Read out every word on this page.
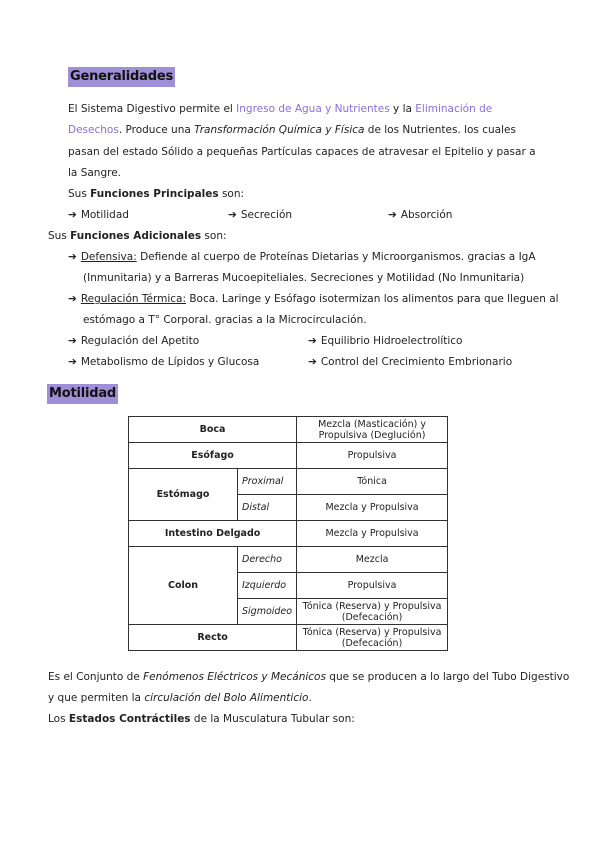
Generalidades
El Sistema Digestivo permite el Ingreso de Agua y Nutrientes y la Eliminación de
Desechos. Produce una Transformación Química y Física de los Nutrientes. los cuales
pasan del estado Sólido a pequeñas Partículas capaces de atravesar el Epitelio y pasar a
la Sangre.
Sus Funciones Principales son:
➔ Motilidad	➔ Secreción	➔ Absorción
Sus Funciones Adicionales son:
➔ Defensiva: Defiende al cuerpo de Proteínas Dietarias y Microorganismos. gracias a IgA
(Inmunitaria) y a Barreras Mucoepiteliales. Secreciones y Motilidad (No Inmunitaria)
➔ Regulación Térmica: Boca. Laringe y Esófago isotermizan los alimentos para que lleguen al
estómago a T° Corporal. gracias a la Microcirculación.
➔ Regulación del Apetito	➔ Equilibrio Hidroelectrolítico
➔ Metabolismo de Lípidos y Glucosa	➔ Control del Crecimiento Embrionario
Motilidad
Boca		Mezcla (Masticación) y Propulsiva (Deglución)
Esófago		Propulsiva
Estómago	Proximal	Tónica
	Distal	Mezcla y Propulsiva
Intestino Delgado		Mezcla y Propulsiva
Colon	Derecho	Mezcla
	Izquierdo	Propulsiva
	Sigmoideo	Tónica (Reserva) y Propulsiva (Defecación)
Recto		Tónica (Reserva) y Propulsiva (Defecación)
Es el Conjunto de Fenómenos Eléctricos y Mecánicos que se producen a lo largo del Tubo Digestivo
y que permiten la circulación del Bolo Alimenticio.
Los Estados Contráctiles de la Musculatura Tubular son:
